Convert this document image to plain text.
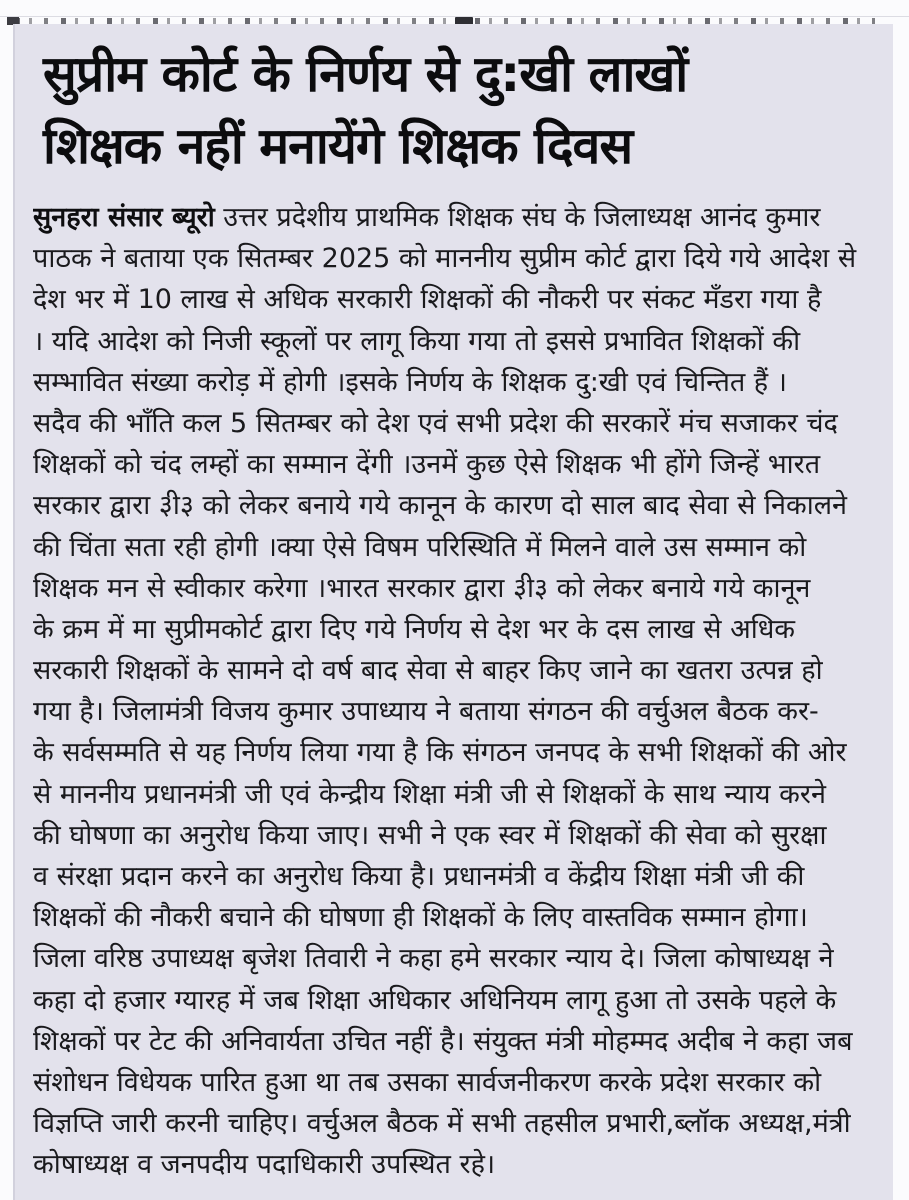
सुप्रीम कोर्ट के निर्णय से दु:खी लाखों
शिक्षक नहीं मनायेंगे शिक्षक दिवस
सुनहरा संसार ब्यूरो उत्तर प्रदेशीय प्राथमिक शिक्षक संघ के जिलाध्यक्ष आनंद कुमार
पाठक ने बताया एक सितम्बर 2025 को माननीय सुप्रीम कोर्ट द्वारा दिये गये आदेश से
देश भर में 10 लाख से अधिक सरकारी शिक्षकों की नौकरी पर संकट मँडरा गया है
। यदि आदेश को निजी स्कूलों पर लागू किया गया तो इससे प्रभावित शिक्षकों की
सम्भावित संख्या करोड़ में होगी ।इसके निर्णय के शिक्षक दु:खी एवं चिन्तित हैं ।
सदैव की भाँति कल 5 सितम्बर को देश एवं सभी प्रदेश की सरकारें मंच सजाकर चंद
शिक्षकों को चंद लम्हों का सम्मान देंगी ।उनमें कुछ ऐसे शिक्षक भी होंगे जिन्हें भारत
सरकार द्वारा ३ी३ को लेकर बनाये गये कानून के कारण दो साल बाद सेवा से निकालने
की चिंता सता रही होगी ।क्या ऐसे विषम परिस्थिति में मिलने वाले उस सम्मान को
शिक्षक मन से स्वीकार करेगा ।भारत सरकार द्वारा ३ी३ को लेकर बनाये गये कानून
के क्रम में मा सुप्रीमकोर्ट द्वारा दिए गये निर्णय से देश भर के दस लाख से अधिक
सरकारी शिक्षकों के सामने दो वर्ष बाद सेवा से बाहर किए जाने का खतरा उत्पन्न हो
गया है। जिलामंत्री विजय कुमार उपाध्याय ने बताया संगठन की वर्चुअल बैठक कर-
के सर्वसम्मति से यह निर्णय लिया गया है कि संगठन जनपद के सभी शिक्षकों की ओर
से माननीय प्रधानमंत्री जी एवं केन्द्रीय शिक्षा मंत्री जी से शिक्षकों के साथ न्याय करने
की घोषणा का अनुरोध किया जाए। सभी ने एक स्वर में शिक्षकों की सेवा को सुरक्षा
व संरक्षा प्रदान करने का अनुरोध किया है। प्रधानमंत्री व केंद्रीय शिक्षा मंत्री जी की
शिक्षकों की नौकरी बचाने की घोषणा ही शिक्षकों के लिए वास्तविक सम्मान होगा।
जिला वरिष्ठ उपाध्यक्ष बृजेश तिवारी ने कहा हमे सरकार न्याय दे। जिला कोषाध्यक्ष ने
कहा दो हजार ग्यारह में जब शिक्षा अधिकार अधिनियम लागू हुआ तो उसके पहले के
शिक्षकों पर टेट की अनिवार्यता उचित नहीं है। संयुक्त मंत्री मोहम्मद अदीब ने कहा जब
संशोधन विधेयक पारित हुआ था तब उसका सार्वजनीकरण करके प्रदेश सरकार को
विज्ञप्ति जारी करनी चाहिए। वर्चुअल बैठक में सभी तहसील प्रभारी,ब्लॉक अध्यक्ष,मंत्री
कोषाध्यक्ष व जनपदीय पदाधिकारी उपस्थित रहे।
